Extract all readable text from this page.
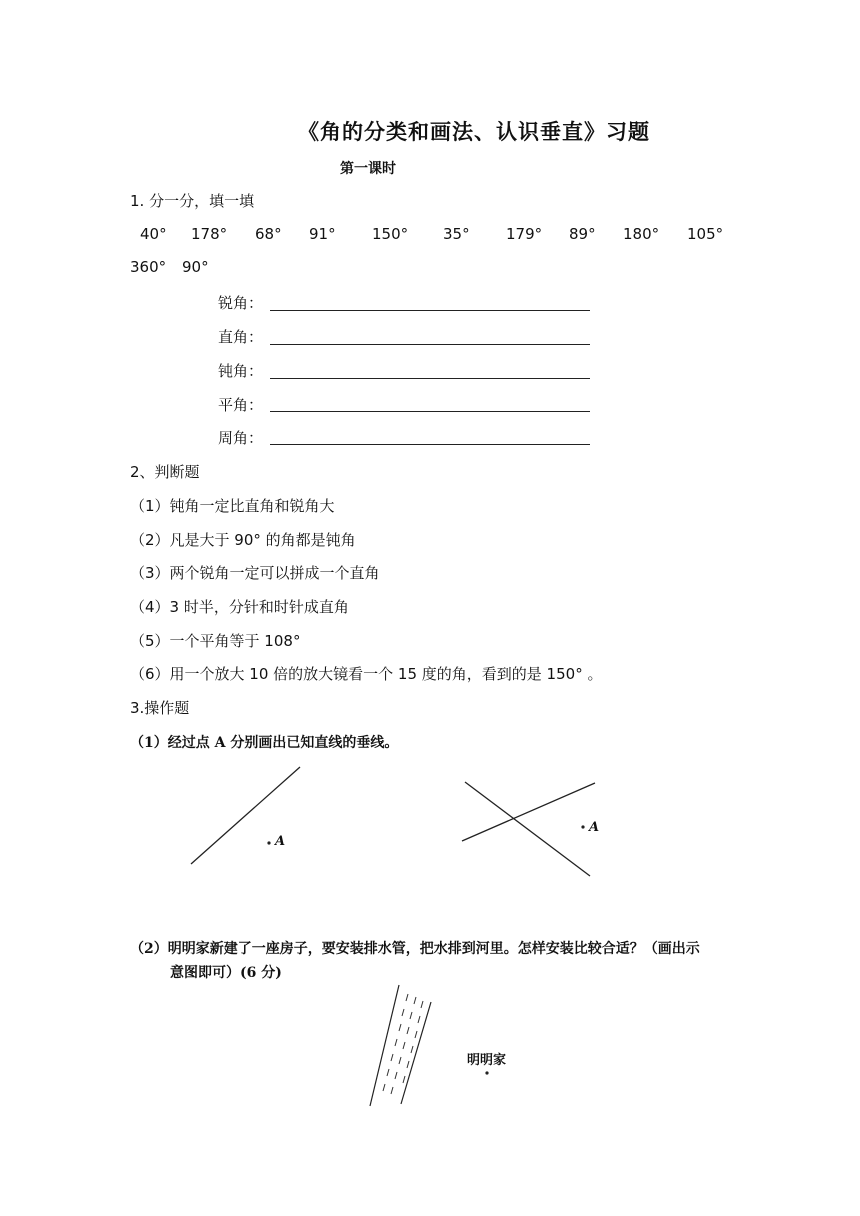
《角的分类和画法、认识垂直》习题
第一课时
1. 分一分，填一填
40° 178° 68° 91° 150° 35° 179° 89° 180° 105°
360° 90°
锐角：
直角：
钝角：
平角：
周角：
2、判断题
（1）钝角一定比直角和锐角大
（2）凡是大于 90° 的角都是钝角
（3）两个锐角一定可以拼成一个直角
（4）3 时半，分针和时针成直角
（5）一个平角等于 108°
（6）用一个放大 10 倍的放大镜看一个 15 度的角，看到的是 150° 。
3.操作题
（1）经过点 A 分别画出已知直线的垂线。
A
A
（2）明明家新建了一座房子，要安装排水管，把水排到河里。怎样安装比较合适？（画出示
意图即可）(6 分)
明明家
